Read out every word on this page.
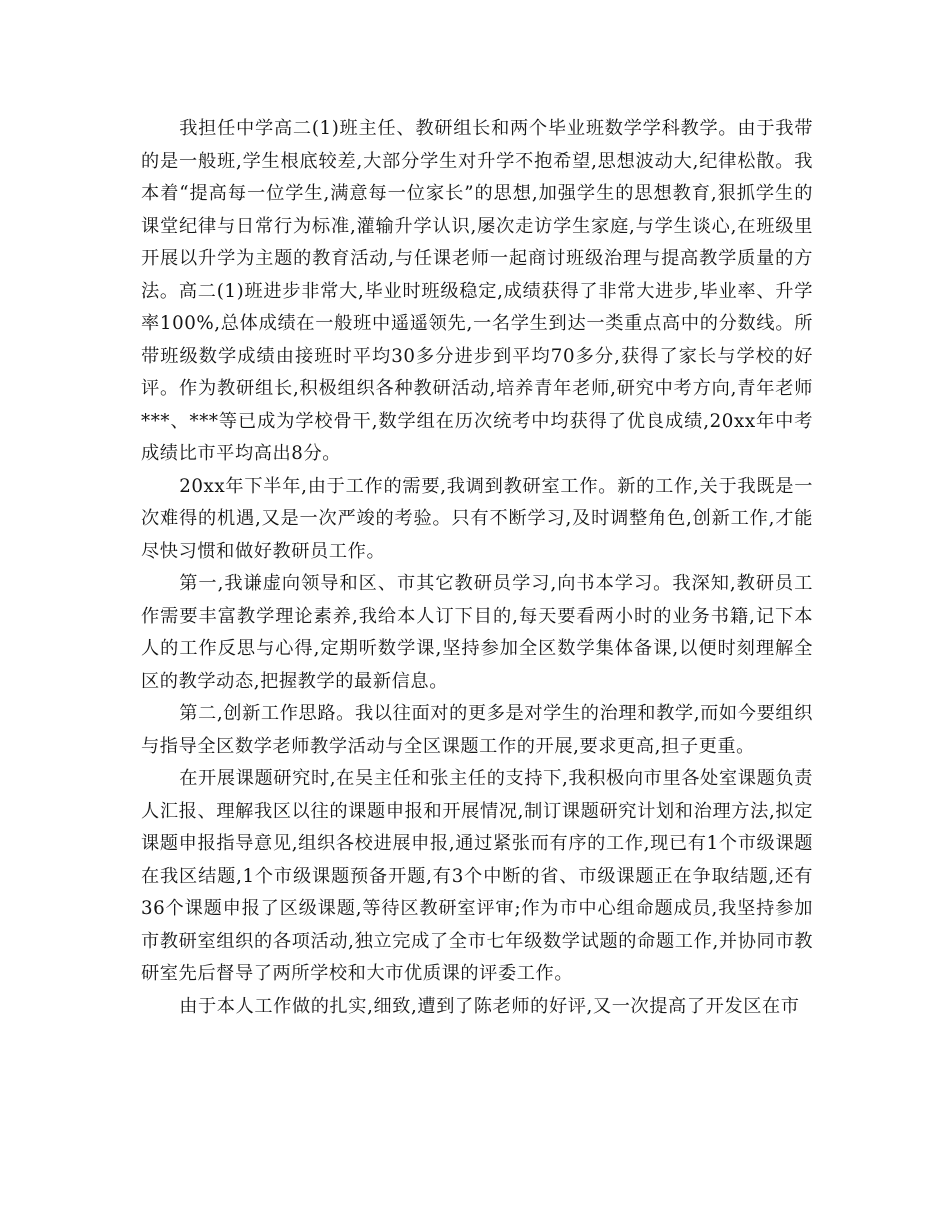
我担任中学高二(1)班主任、教研组长和两个毕业班数学学科教学。由于我带的是一般班,学生根底较差,大部分学生对升学不抱希望,思想波动大,纪律松散。我本着“提高每一位学生,满意每一位家长”的思想,加强学生的思想教育,狠抓学生的课堂纪律与日常行为标准,灌输升学认识,屡次走访学生家庭,与学生谈心,在班级里开展以升学为主题的教育活动,与任课老师一起商讨班级治理与提高教学质量的方法。高二(1)班进步非常大,毕业时班级稳定,成绩获得了非常大进步,毕业率、升学率100%,总体成绩在一般班中遥遥领先,一名学生到达一类重点高中的分数线。所带班级数学成绩由接班时平均30多分进步到平均70多分,获得了家长与学校的好评。作为教研组长,积极组织各种教研活动,培养青年老师,研究中考方向,青年老师***、***等已成为学校骨干,数学组在历次统考中均获得了优良成绩,20xx年中考成绩比市平均高出8分。

20xx年下半年,由于工作的需要,我调到教研室工作。新的工作,关于我既是一次难得的机遇,又是一次严竣的考验。只有不断学习,及时调整角色,创新工作,才能尽快习惯和做好教研员工作。

第一,我谦虚向领导和区、市其它教研员学习,向书本学习。我深知,教研员工作需要丰富教学理论素养,我给本人订下目的,每天要看两小时的业务书籍,记下本人的工作反思与心得,定期听数学课,坚持参加全区数学集体备课,以便时刻理解全区的教学动态,把握教学的最新信息。

第二,创新工作思路。我以往面对的更多是对学生的治理和教学,而如今要组织与指导全区数学老师教学活动与全区课题工作的开展,要求更高,担子更重。

在开展课题研究时,在吴主任和张主任的支持下,我积极向市里各处室课题负责人汇报、理解我区以往的课题申报和开展情况,制订课题研究计划和治理方法,拟定课题申报指导意见,组织各校进展申报,通过紧张而有序的工作,现已有1个市级课题在我区结题,1个市级课题预备开题,有3个中断的省、市级课题正在争取结题,还有36个课题申报了区级课题,等待区教研室评审;作为市中心组命题成员,我坚持参加市教研室组织的各项活动,独立完成了全市七年级数学试题的命题工作,并协同市教研室先后督导了两所学校和大市优质课的评委工作。

由于本人工作做的扎实,细致,遭到了陈老师的好评,又一次提高了开发区在市
